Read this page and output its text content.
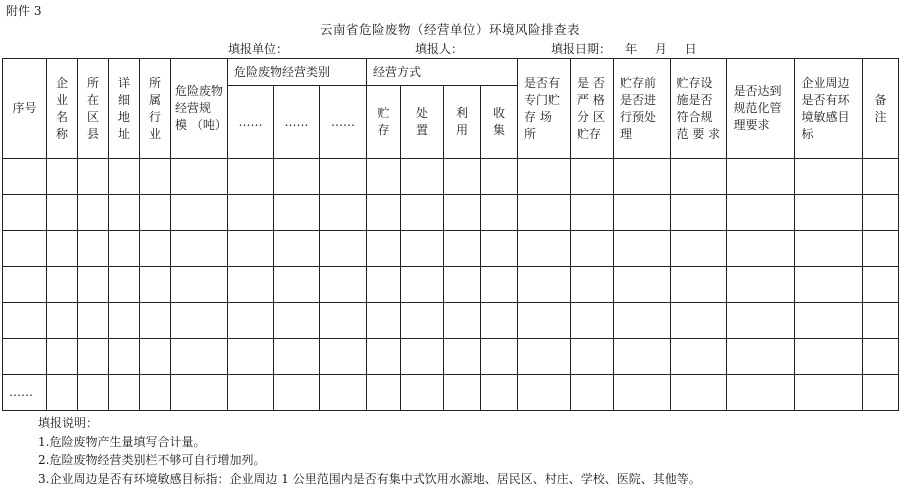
附件 3
云南省危险废物（经营单位）环境风险排查表
填报单位：	填报人：	填报日期： 年 月 日
序号	企业名称	所在区县	详细地址	所属行业	危险废物经营规 模 （吨）	危险废物经营类别			经营方式				是否有专门贮存 场 所	是 否严 格分 区贮存	贮存前是否进行预处理	贮存设施是否符合规 范 要 求	是否达到规范化管理要求	企业周边是否有环境敏感目标	备注
						……	……	……	贮存	处置	利用	收集							

……																			
填报说明：
1.危险废物产生量填写合计量。
2.危险废物经营类别栏不够可自行增加列。
3.企业周边是否有环境敏感目标指：企业周边 1 公里范围内是否有集中式饮用水源地、居民区、村庄、学校、医院、其他等。
